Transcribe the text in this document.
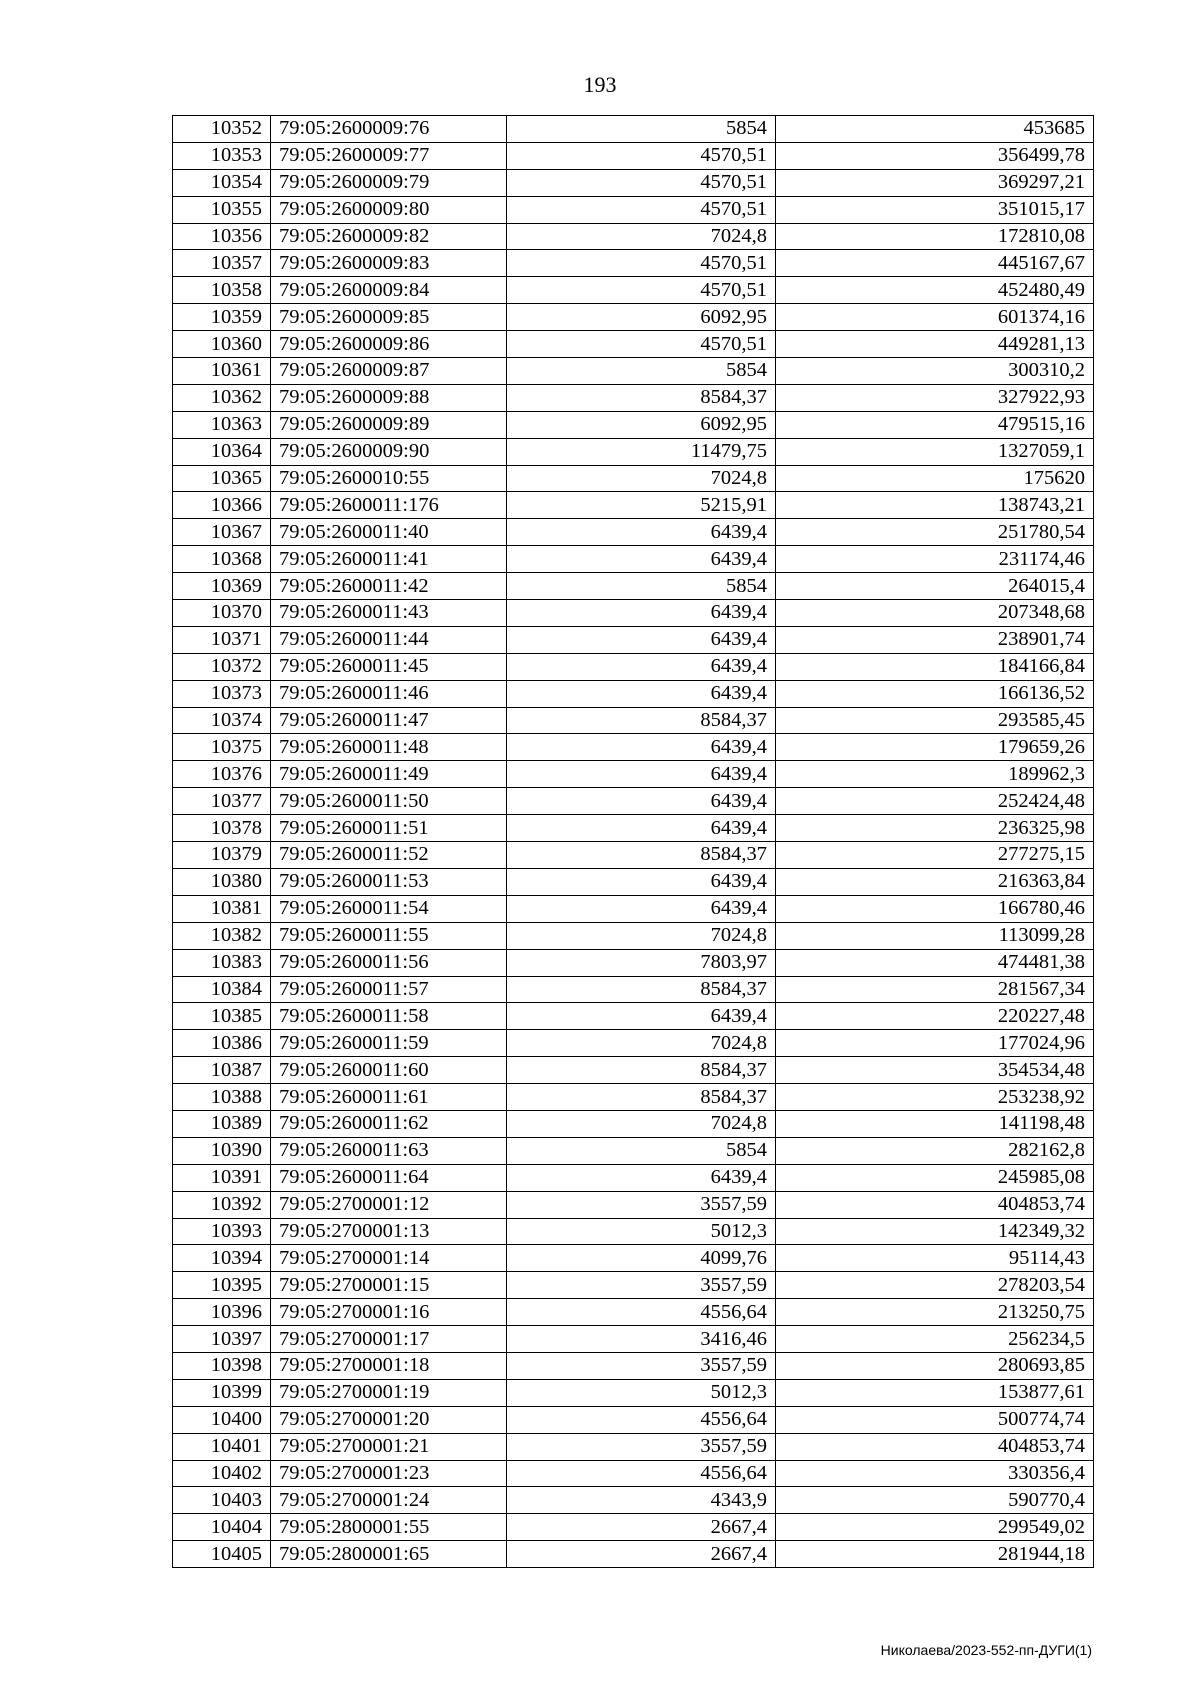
193
10352	79:05:2600009:76	5854	453685
10353	79:05:2600009:77	4570,51	356499,78
10354	79:05:2600009:79	4570,51	369297,21
10355	79:05:2600009:80	4570,51	351015,17
10356	79:05:2600009:82	7024,8	172810,08
10357	79:05:2600009:83	4570,51	445167,67
10358	79:05:2600009:84	4570,51	452480,49
10359	79:05:2600009:85	6092,95	601374,16
10360	79:05:2600009:86	4570,51	449281,13
10361	79:05:2600009:87	5854	300310,2
10362	79:05:2600009:88	8584,37	327922,93
10363	79:05:2600009:89	6092,95	479515,16
10364	79:05:2600009:90	11479,75	1327059,1
10365	79:05:2600010:55	7024,8	175620
10366	79:05:2600011:176	5215,91	138743,21
10367	79:05:2600011:40	6439,4	251780,54
10368	79:05:2600011:41	6439,4	231174,46
10369	79:05:2600011:42	5854	264015,4
10370	79:05:2600011:43	6439,4	207348,68
10371	79:05:2600011:44	6439,4	238901,74
10372	79:05:2600011:45	6439,4	184166,84
10373	79:05:2600011:46	6439,4	166136,52
10374	79:05:2600011:47	8584,37	293585,45
10375	79:05:2600011:48	6439,4	179659,26
10376	79:05:2600011:49	6439,4	189962,3
10377	79:05:2600011:50	6439,4	252424,48
10378	79:05:2600011:51	6439,4	236325,98
10379	79:05:2600011:52	8584,37	277275,15
10380	79:05:2600011:53	6439,4	216363,84
10381	79:05:2600011:54	6439,4	166780,46
10382	79:05:2600011:55	7024,8	113099,28
10383	79:05:2600011:56	7803,97	474481,38
10384	79:05:2600011:57	8584,37	281567,34
10385	79:05:2600011:58	6439,4	220227,48
10386	79:05:2600011:59	7024,8	177024,96
10387	79:05:2600011:60	8584,37	354534,48
10388	79:05:2600011:61	8584,37	253238,92
10389	79:05:2600011:62	7024,8	141198,48
10390	79:05:2600011:63	5854	282162,8
10391	79:05:2600011:64	6439,4	245985,08
10392	79:05:2700001:12	3557,59	404853,74
10393	79:05:2700001:13	5012,3	142349,32
10394	79:05:2700001:14	4099,76	95114,43
10395	79:05:2700001:15	3557,59	278203,54
10396	79:05:2700001:16	4556,64	213250,75
10397	79:05:2700001:17	3416,46	256234,5
10398	79:05:2700001:18	3557,59	280693,85
10399	79:05:2700001:19	5012,3	153877,61
10400	79:05:2700001:20	4556,64	500774,74
10401	79:05:2700001:21	3557,59	404853,74
10402	79:05:2700001:23	4556,64	330356,4
10403	79:05:2700001:24	4343,9	590770,4
10404	79:05:2800001:55	2667,4	299549,02
10405	79:05:2800001:65	2667,4	281944,18
Николаева/2023-552-пп-ДУГИ(1)
